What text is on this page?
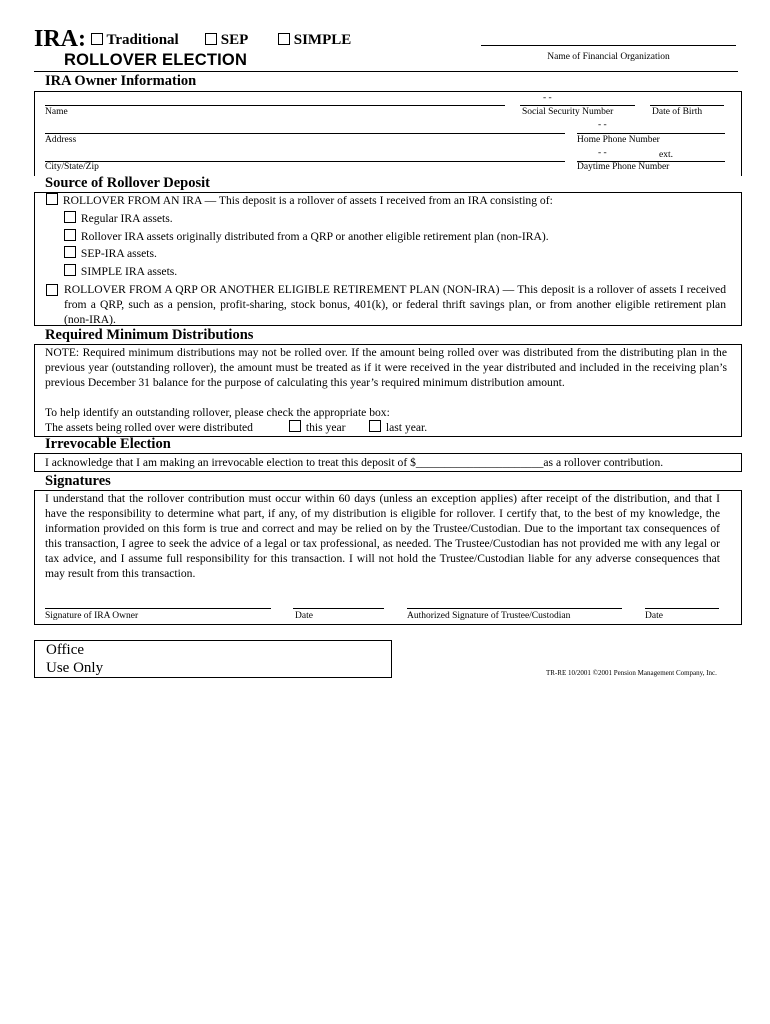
IRA:	Traditional	SEP	SIMPLE
ROLLOVER ELECTION	Name of Financial Organization
IRA Owner Information
Name
- -
Social Security Number	Date of Birth
- -
Address	Home Phone Number
- -	ext.
City/State/Zip	Daytime Phone Number
Source of Rollover Deposit
ROLLOVER FROM AN IRA — This deposit is a rollover of assets I received from an IRA consisting of:
Regular IRA assets.
Rollover IRA assets originally distributed from a QRP or another eligible retirement plan (non-IRA).
SEP-IRA assets.
SIMPLE IRA assets.
ROLLOVER FROM A QRP OR ANOTHER ELIGIBLE RETIREMENT PLAN (NON-IRA) — This deposit is a rollover of assets I received from a QRP, such as a pension, profit-sharing, stock bonus, 401(k), or federal thrift savings plan, or from another eligible retirement plan (non-IRA).
Required Minimum Distributions
NOTE: Required minimum distributions may not be rolled over. If the amount being rolled over was distributed from the distributing plan in the previous year (outstanding rollover), the amount must be treated as if it were received in the year distributed and included in the receiving plan’s previous December 31 balance for the purpose of calculating this year’s required minimum distribution amount.
To help identify an outstanding rollover, please check the appropriate box:
The assets being rolled over were distributed	this year	last year.
Irrevocable Election
I acknowledge that I am making an irrevocable election to treat this deposit of $______________________as a rollover contribution.
Signatures
I understand that the rollover contribution must occur within 60 days (unless an exception applies) after receipt of the distribution, and that I have the responsibility to determine what part, if any, of my distribution is eligible for rollover. I certify that, to the best of my knowledge, the information provided on this form is true and correct and may be relied on by the Trustee/Custodian. Due to the important tax consequences of this transaction, I agree to seek the advice of a legal or tax professional, as needed. The Trustee/Custodian has not provided me with any legal or tax advice, and I assume full responsibility for this transaction. I will not hold the Trustee/Custodian liable for any adverse consequences that may result from this transaction.
Signature of IRA Owner	Date	Authorized Signature of Trustee/Custodian	Date
Office
Use Only	TR-RE 10/2001 ©2001 Pension Management Company, Inc.
